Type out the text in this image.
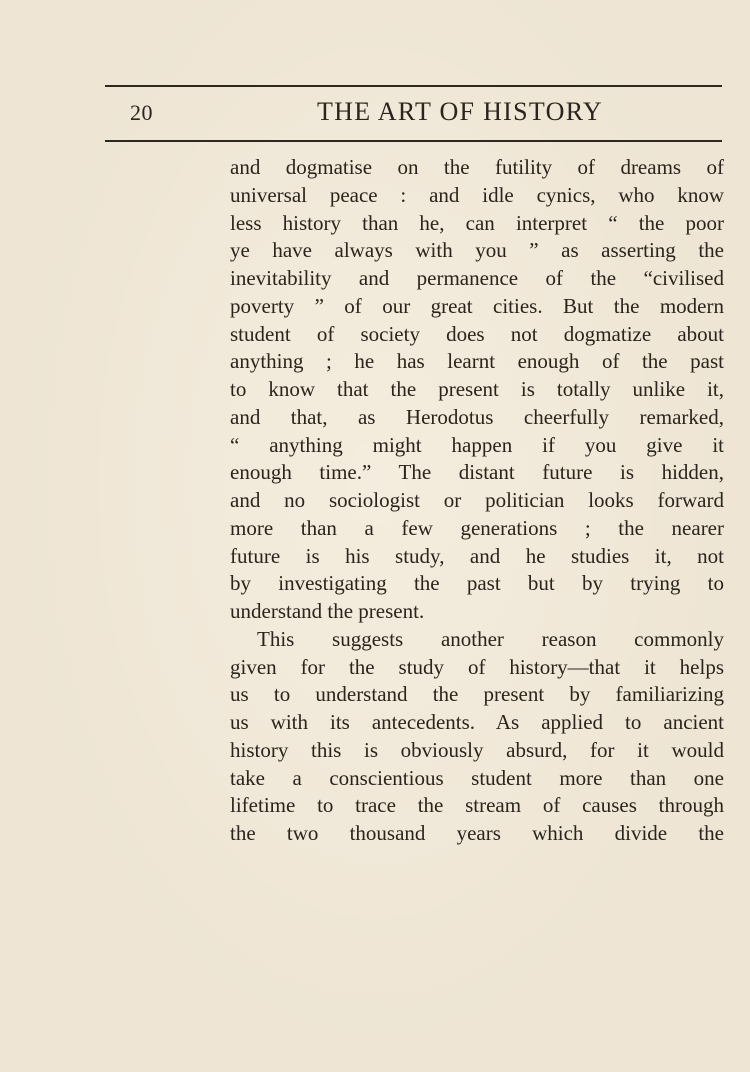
20	THE ART OF HISTORY
and dogmatise on the futility of dreams of
universal peace : and idle cynics, who know
less history than he, can interpret “ the poor
ye have always with you ” as asserting the
inevitability and permanence of the “civilised
poverty ” of our great cities. But the modern
student of society does not dogmatize about
anything ; he has learnt enough of the past
to know that the present is totally unlike it,
and that, as Herodotus cheerfully remarked,
“ anything might happen if you give it
enough time.” The distant future is hidden,
and no sociologist or politician looks forward
more than a few generations ; the nearer
future is his study, and he studies it, not
by investigating the past but by trying to
understand the present.
This suggests another reason commonly
given for the study of history—that it helps
us to understand the present by familiarizing
us with its antecedents. As applied to ancient
history this is obviously absurd, for it would
take a conscientious student more than one
lifetime to trace the stream of causes through
the two thousand years which divide the
